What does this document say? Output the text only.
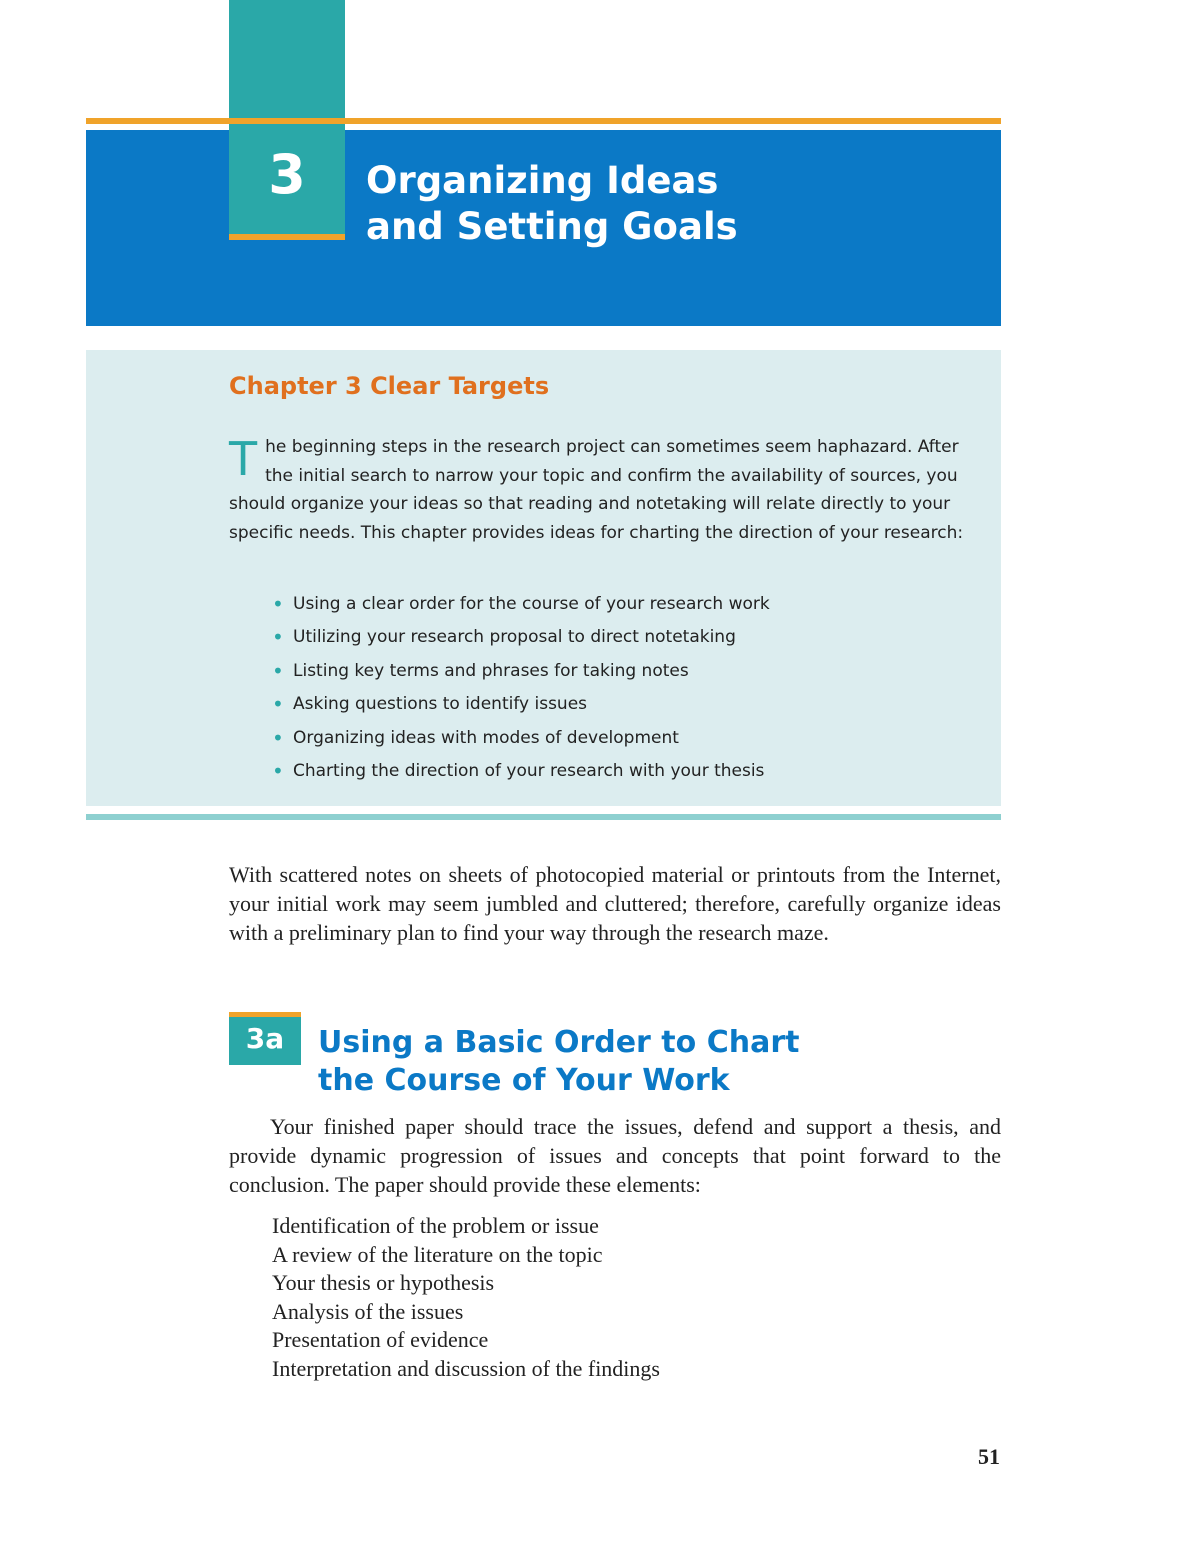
3	Organizing Ideas
and Setting Goals
Chapter 3 Clear Targets

The beginning steps in the research project can sometimes seem haphazard. After the initial search to narrow your topic and confirm the availability of sources, you should organize your ideas so that reading and notetaking will relate directly to your specific needs. This chapter provides ideas for charting the direction of your research:

• Using a clear order for the course of your research work
• Utilizing your research proposal to direct notetaking
• Listing key terms and phrases for taking notes
• Asking questions to identify issues
• Organizing ideas with modes of development
• Charting the direction of your research with your thesis

With scattered notes on sheets of photocopied material or printouts from the Internet, your initial work may seem jumbled and cluttered; therefore, carefully organize ideas with a preliminary plan to find your way through the research maze.

3a	Using a Basic Order to Chart
the Course of Your Work

Your finished paper should trace the issues, defend and support a thesis, and provide dynamic progression of issues and concepts that point forward to the conclusion. The paper should provide these elements:

Identification of the problem or issue
A review of the literature on the topic
Your thesis or hypothesis
Analysis of the issues
Presentation of evidence
Interpretation and discussion of the findings
51
